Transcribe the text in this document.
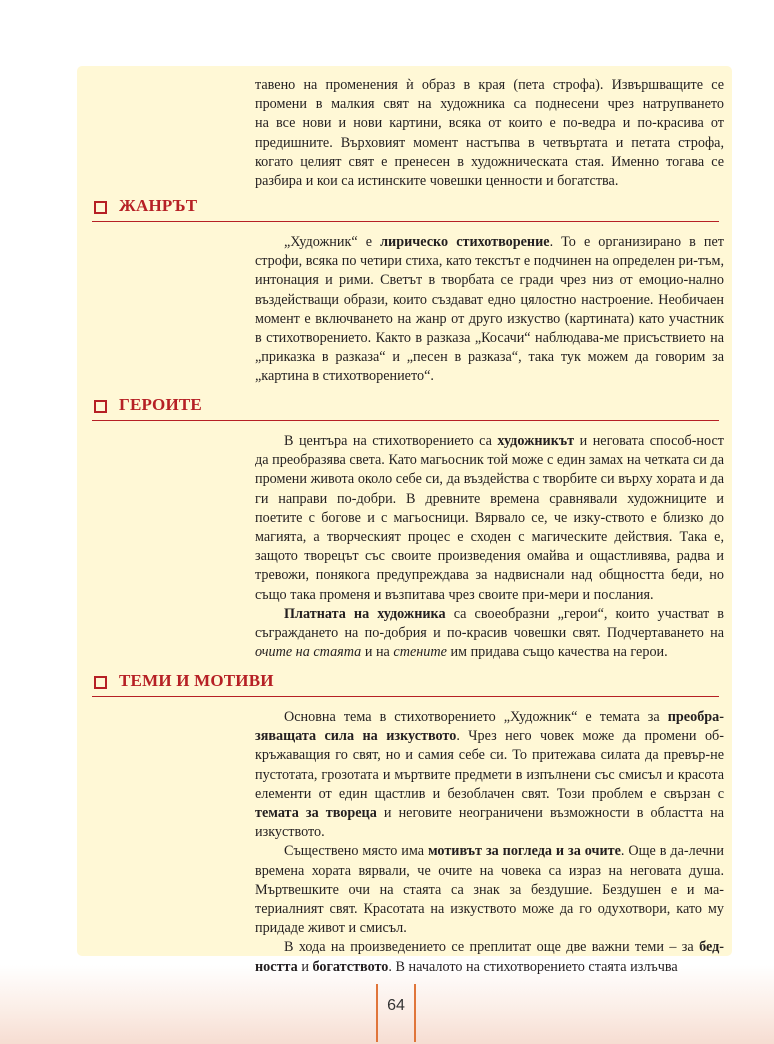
тавено на променения ѝ образ в края (пета строфа). Извършващите се
промени в малкия свят на художника са поднесени чрез натрупването
на все нови и нови картини, всяка от които е по-ведра и по-красива от
предишните. Върховият момент настъпва в четвъртата и петата строфа,
когато целият свят е пренесен в художническата стая. Именно тогава се
разбира и кои са истинските човешки ценности и богатства.
ЖАНРЪТ

„Художник“ е лирическо стихотворение. То е организирано в пет строфи, всяка по четири стиха, като текстът е подчинен на определен ри-тъм, интонация и рими. Светът в творбата се гради чрез низ от емоцио-нално въздействащи образи, които създават едно цялостно настроение. Необичаен момент е включването на жанр от друго изкуство (картината) като участник в стихотворението. Както в разказа „Косачи“ наблюдава-ме присъствието на „приказка в разказа“ и „песен в разказа“, така тук можем да говорим за „картина в стихотворението“.

ГЕРОИТЕ

В центъра на стихотворението са художникът и неговата способ-ност да преобразява света. Като магьосник той може с един замах на четката си да промени живота около себе си, да въздейства с творбите си върху хората и да ги направи по-добри. В древните времена сравнявали художниците и поетите с богове и с магьосници. Вярвало се, че изку-ството е близко до магията, а творческият процес е сходен с магическите действия. Така е, защото творецът със своите произведения омайва и ощастливява, радва и тревожи, понякога предупреждава за надвиснали над общността беди, но също така променя и възпитава чрез своите при-мери и послания.

Платната на художника са своеобразни „герои“, които участват в съграждането на по-добрия и по-красив човешки свят. Подчертаването на очите на стаята и на стените им придава също качества на герои.

ТЕМИ И МОТИВИ

Основна тема в стихотворението „Художник“ е темата за преобра-зяващата сила на изкуството. Чрез него човек може да промени об-кръжаващия го свят, но и самия себе си. То притежава силата да превър-не пустотата, грозотата и мъртвите предмети в изпълнени със смисъл и красота елементи от един щастлив и безоблачен свят. Този проблем е свързан с темата за твореца и неговите неограничени възможности в областта на изкуството.

Съществено място има мотивът за погледа и за очите. Още в да-лечни времена хората вярвали, че очите на човека са израз на неговата душа. Мъртвешките очи на стаята са знак за бездушие. Бездушен е и ма-териалният свят. Красотата на изкуството може да го одухотвори, като му придаде живот и смисъл.

В хода на произведението се преплитат още две важни теми – за бед-ността и богатството. В началото на стихотворението стаята излъчва

64
